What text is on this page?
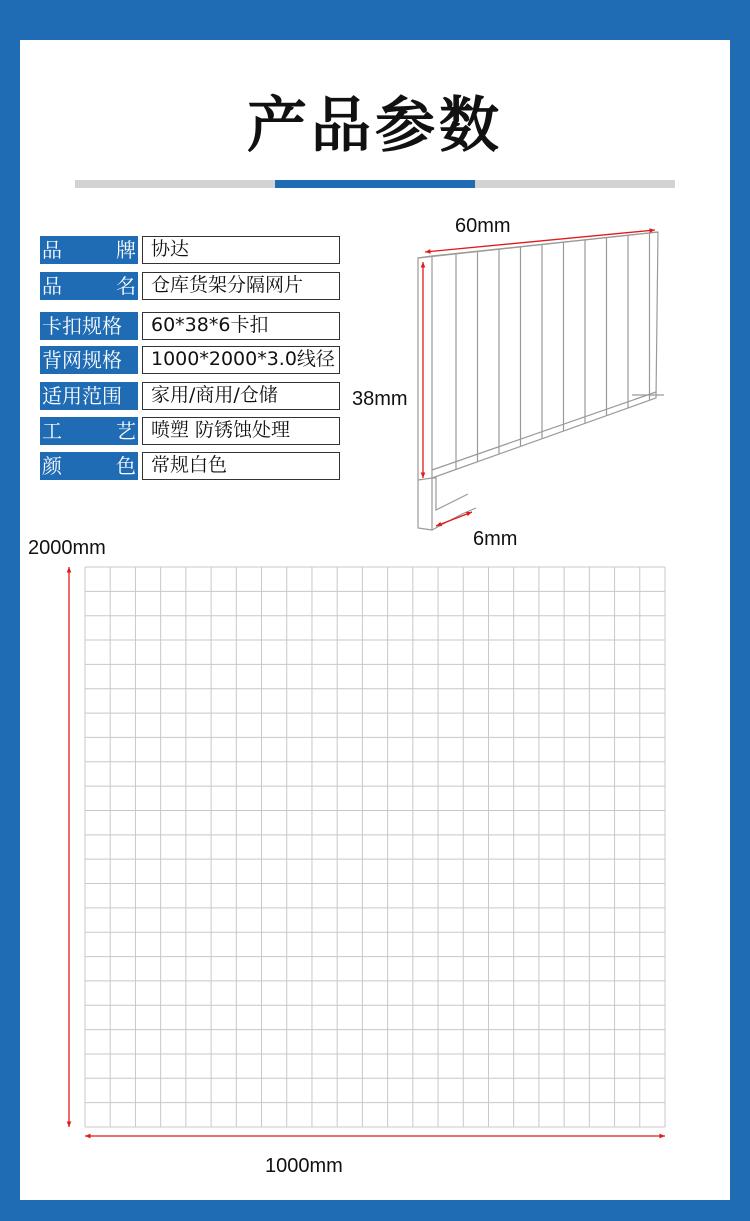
产品参数
品	牌 协达
品	名 仓库货架分隔网片
卡扣规格	60*38*6卡扣
背网规格	1000*2000*3.0线径
适用范围	家用/商用/仓储
工	艺 喷塑 防锈蚀处理
颜	色 常规白色
60mm
38mm
6mm
2000mm
1000mm
